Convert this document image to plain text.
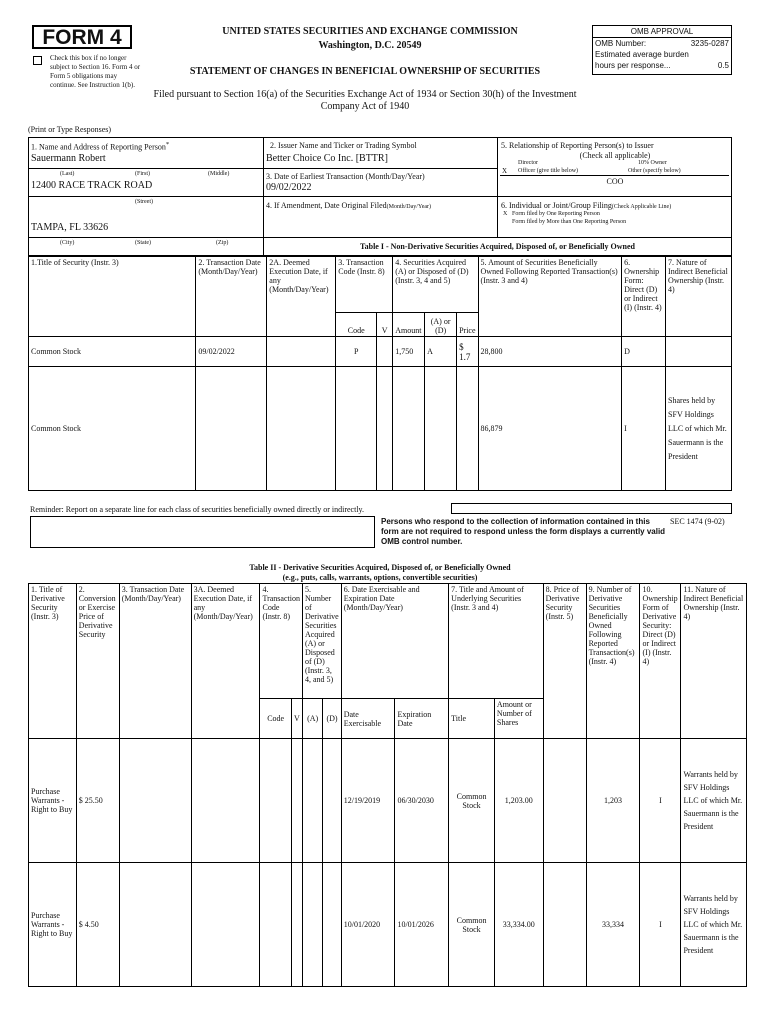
FORM 4
Check this box if no longer subject to Section 16. Form 4 or Form 5 obligations may continue. See Instruction 1(b).
UNITED STATES SECURITIES AND EXCHANGE COMMISSION
Washington, D.C. 20549
STATEMENT OF CHANGES IN BENEFICIAL OWNERSHIP OF SECURITIES
Filed pursuant to Section 16(a) of the Securities Exchange Act of 1934 or Section 30(h) of the Investment Company Act of 1940
OMB APPROVAL
OMB Number:	3235-0287
Estimated average burden
hours per response...	0.5
(Print or Type Responses)
1. Name and Address of Reporting Person*
Sauermann Robert
(Last)	(First)	(Middle)
12400 RACE TRACK ROAD
(Street)
TAMPA, FL 33626
(City)	(State)	(Zip)
2. Issuer Name and Ticker or Trading Symbol
Better Choice Co Inc. [BTTR]
3. Date of Earliest Transaction (Month/Day/Year)
09/02/2022
4. If Amendment, Date Original Filed(Month/Day/Year)
5. Relationship of Reporting Person(s) to Issuer
(Check all applicable)
Director	10% Owner
X Officer (give title below)	Other (specify below)
COO
6. Individual or Joint/Group Filing(Check Applicable Line)
X Form filed by One Reporting Person
Form filed by More than One Reporting Person
Table I - Non-Derivative Securities Acquired, Disposed of, or Beneficially Owned
1.Title of Security (Instr. 3)	2. Transaction Date (Month/Day/Year)	2A. Deemed Execution Date, if any (Month/Day/Year)	3. Transaction Code (Instr. 8)		4. Securities Acquired (A) or Disposed of (D) (Instr. 3, 4 and 5)			5. Amount of Securities Beneficially Owned Following Reported Transaction(s) (Instr. 3 and 4)	6. Ownership Form: Direct (D) or Indirect (I) (Instr. 4)	7. Nature of Indirect Beneficial Ownership (Instr. 4)
			Code	V	Amount	(A) or (D)	Price			
Common Stock	09/02/2022		P		1,750	A	$ 1.7	28,800	D	
Common Stock								86,879	I	Shares held by SFV Holdings LLC of which Mr. Sauermann is the President
Reminder: Report on a separate line for each class of securities beneficially owned directly or indirectly.
Persons who respond to the collection of information contained in this form are not required to respond unless the form displays a currently valid OMB control number.
SEC 1474 (9-02)
Table II - Derivative Securities Acquired, Disposed of, or Beneficially Owned
(e.g., puts, calls, warrants, options, convertible securities)
1. Title of Derivative Security (Instr. 3)	2. Conversion or Exercise Price of Derivative Security	3. Transaction Date (Month/Day/Year)	3A. Deemed Execution Date, if any (Month/Day/Year)	4. Transaction Code (Instr. 8)		5. Number of Derivative Securities Acquired (A) or Disposed of (D) (Instr. 3, 4, and 5)		6. Date Exercisable and Expiration Date (Month/Day/Year)		7. Title and Amount of Underlying Securities (Instr. 3 and 4)		8. Price of Derivative Security (Instr. 5)	9. Number of Derivative Securities Beneficially Owned Following Reported Transaction(s) (Instr. 4)	10. Ownership Form of Derivative Security: Direct (D) or Indirect (I) (Instr. 4)	11. Nature of Indirect Beneficial Ownership (Instr. 4)
				Code	V	(A)	(D)	Date Exercisable	Expiration Date	Title	Amount or Number of Shares				
Purchase Warrants - Right to Buy	$ 25.50							12/19/2019	06/30/2030	Common Stock	1,203.00		1,203	I	Warrants held by SFV Holdings LLC of which Mr. Sauermann is the President
Purchase Warrants - Right to Buy	$ 4.50							10/01/2020	10/01/2026	Common Stock	33,334.00		33,334	I	Warrants held by SFV Holdings LLC of which Mr. Sauermann is the President
